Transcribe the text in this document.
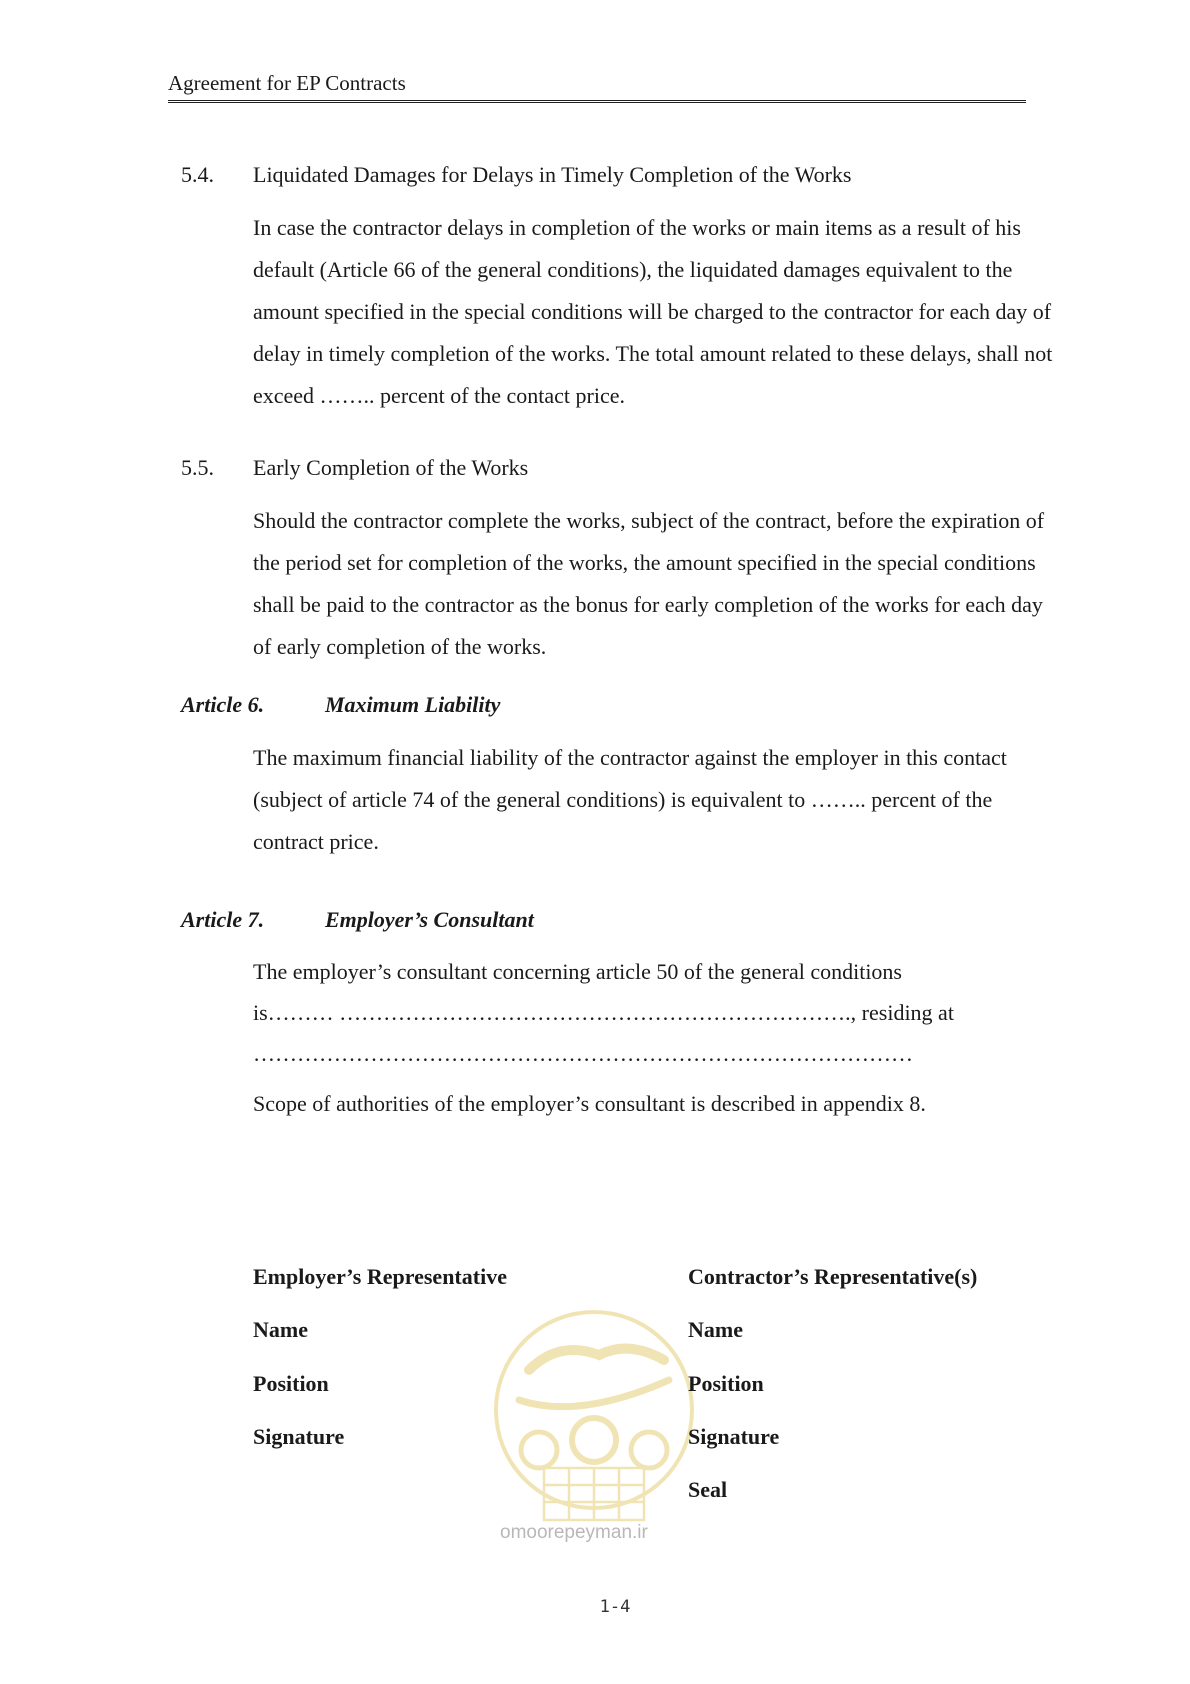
Agreement for EP Contracts
5.4. Liquidated Damages for Delays in Timely Completion of the Works
In case the contractor delays in completion of the works or main items as a result of his default (Article 66 of the general conditions), the liquidated damages equivalent to the amount specified in the special conditions will be charged to the contractor for each day of delay in timely completion of the works. The total amount related to these delays, shall not exceed …….. percent of the contact price.
5.5. Early Completion of the Works
Should the contractor complete the works, subject of the contract, before the expiration of the period set for completion of the works, the amount specified in the special conditions shall be paid to the contractor as the bonus for early completion of the works for each day of early completion of the works.
Article 6.	Maximum Liability
The maximum financial liability of the contractor against the employer in this contact (subject of article 74 of the general conditions) is equivalent to …….. percent of the contract price.
Article 7.	Employer’s Consultant
The employer’s consultant concerning article 50 of the general conditions
is……… ……………………………………………………………., residing at
………………………………………………………………………………
Scope of authorities of the employer’s consultant is described in appendix 8.
omoorepeyman.ir
Employer’s Representative
Name
Position
Signature
Contractor’s Representative(s)
Name
Position
Signature
Seal
1-4
